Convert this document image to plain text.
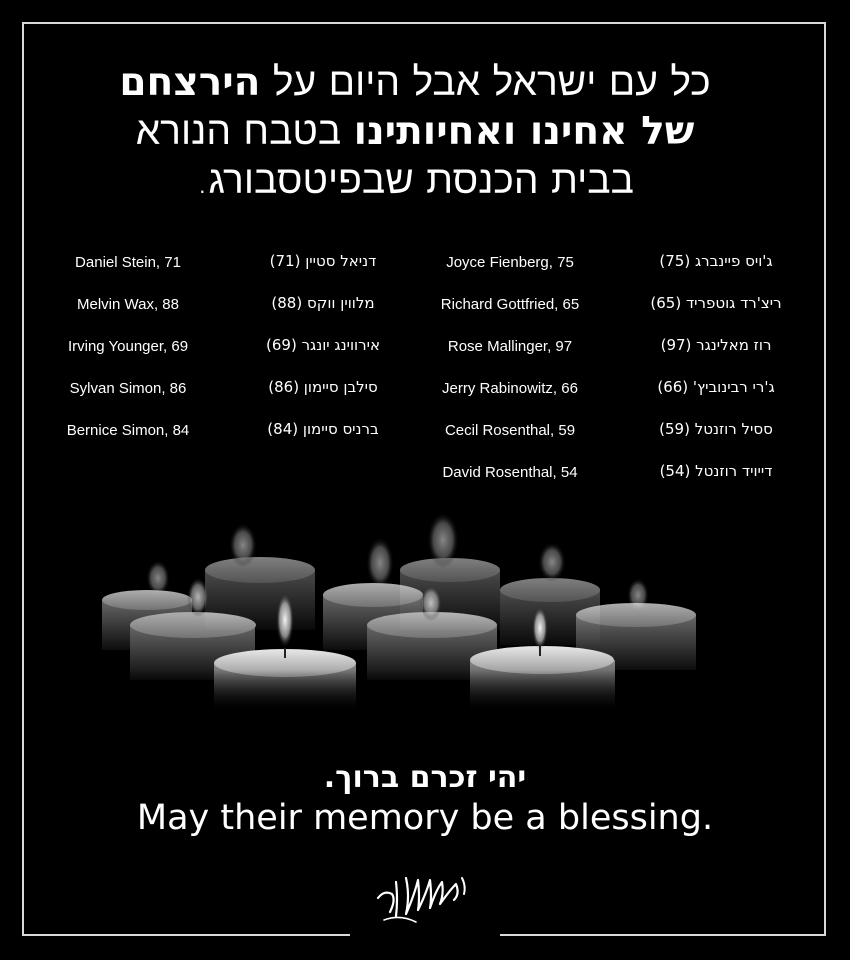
כל עם ישראל אבל היום על הירצחם
של אחינו ואחיותינו בטבח הנורא
בבית הכנסת שבפיטסבורג.
ג'ויס פיינברג (75)
Joyce Fienberg, 75
ריצ'רד גוטפריד (65)
Richard Gottfried, 65
רוז מאלינגר (97)
Rose Mallinger, 97
ג'רי רבינוביץ' (66)
Jerry Rabinowitz, 66
ססיל רוזנטל (59)
Cecil Rosenthal, 59
דייויד רוזנטל (54)
David Rosenthal, 54
דניאל סטיין (71)
Daniel Stein, 71
מלווין ווקס (88)
Melvin Wax, 88
אירווינג יונגר (69)
Irving Younger, 69
סילבן סיימון (86)
Sylvan Simon, 86
ברניס סיימון (84)
Bernice Simon, 84
יהי זכרם ברוך.
May their memory be a blessing.
